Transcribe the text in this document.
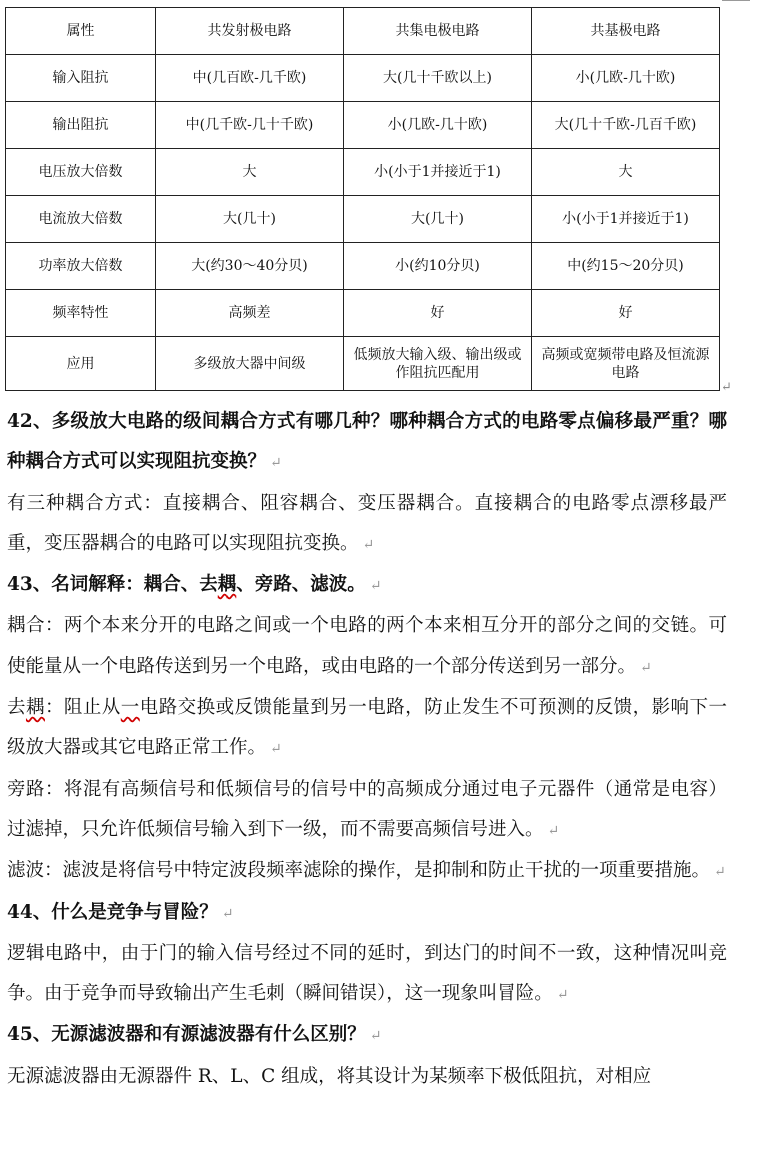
属性	共发射极电路	共集电极电路	共基极电路
输入阻抗	中(几百欧-几千欧)	大(几十千欧以上)	小(几欧-几十欧)
输出阻抗	中(几千欧-几十千欧)	小(几欧-几十欧)	大(几十千欧-几百千欧)
电压放大倍数	大	小(小于1并接近于1)	大
电流放大倍数	大(几十)	大(几十)	小(小于1并接近于1)
功率放大倍数	大(约30～40分贝)	小(约10分贝)	中(约15～20分贝)
频率特性	高频差	好	好
应用	多级放大器中间级	低频放大输入级、输出级或作阻抗匹配用	高频或宽频带电路及恒流源电路
↵

42、多级放大电路的级间耦合方式有哪几种？哪种耦合方式的电路零点偏移最严重？哪种耦合方式可以实现阻抗变换？ ↵

有三种耦合方式：直接耦合、阻容耦合、变压器耦合。直接耦合的电路零点漂移最严重，变压器耦合的电路可以实现阻抗变换。 ↵

43、名词解释：耦合、去耦、旁路、滤波。 ↵

耦合：两个本来分开的电路之间或一个电路的两个本来相互分开的部分之间的交链。可使能量从一个电路传送到另一个电路，或由电路的一个部分传送到另一部分。 ↵

去耦：阻止从一电路交换或反馈能量到另一电路，防止发生不可预测的反馈，影响下一级放大器或其它电路正常工作。 ↵

旁路：将混有高频信号和低频信号的信号中的高频成分通过电子元器件（通常是电容）过滤掉，只允许低频信号输入到下一级，而不需要高频信号进入。 ↵

滤波：滤波是将信号中特定波段频率滤除的操作，是抑制和防止干扰的一项重要措施。 ↵

44、什么是竞争与冒险？ ↵

逻辑电路中，由于门的输入信号经过不同的延时，到达门的时间不一致，这种情况叫竞争。由于竞争而导致输出产生毛刺（瞬间错误），这一现象叫冒险。 ↵

45、无源滤波器和有源滤波器有什么区别？ ↵

无源滤波器由无源器件 R、L、C 组成，将其设计为某频率下极低阻抗，对相应
